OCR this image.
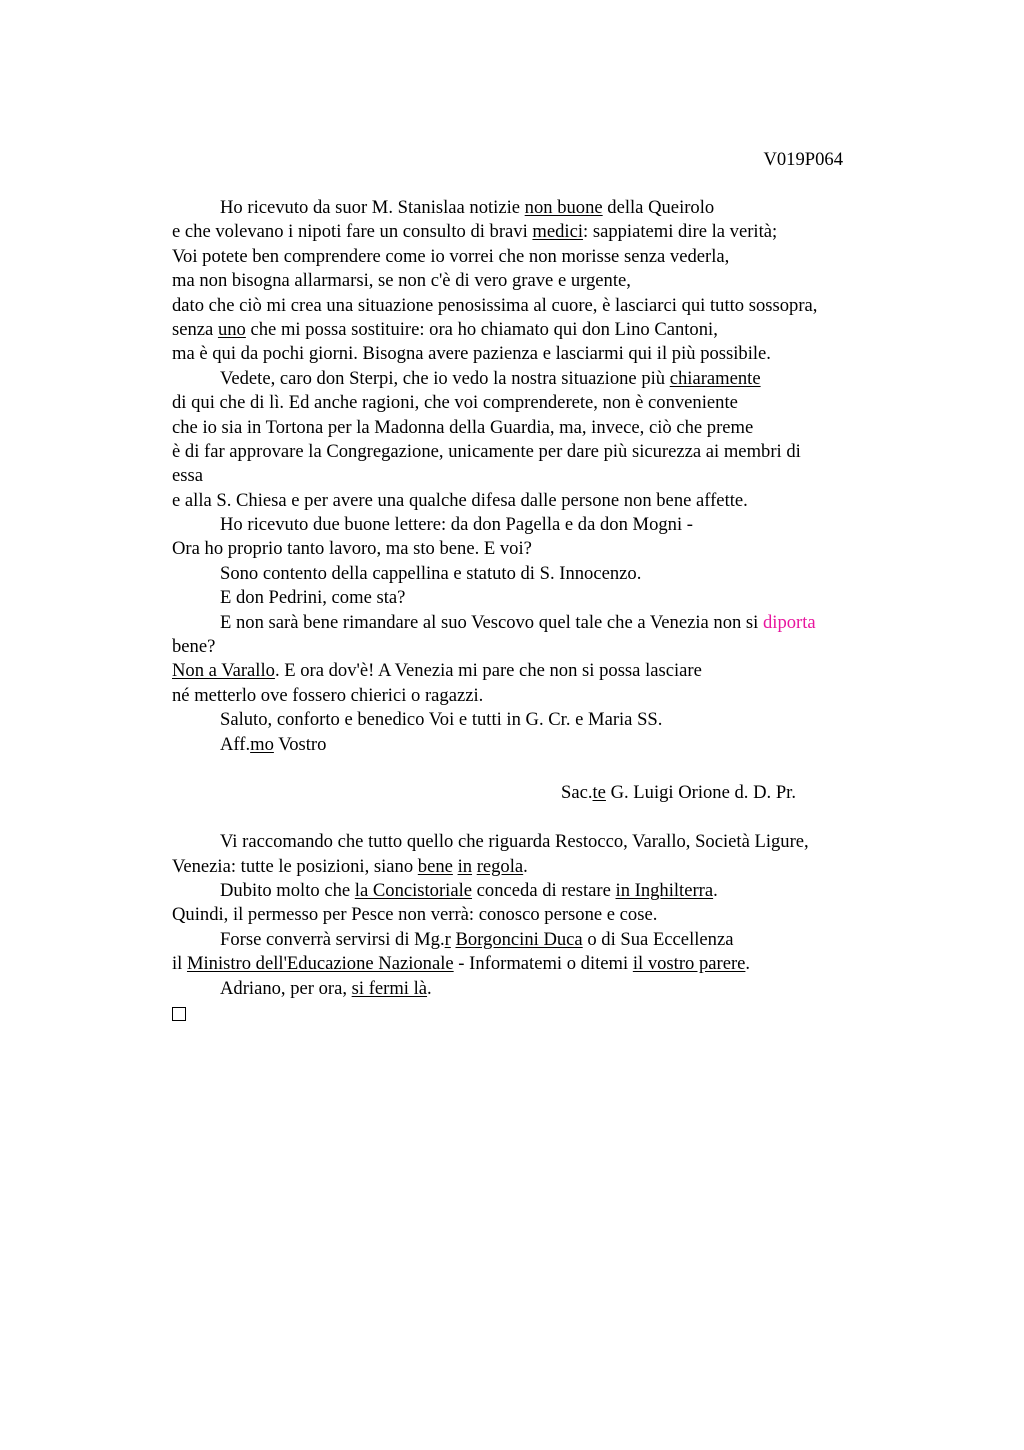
V019P064
Ho ricevuto da suor M. Stanislaa notizie non buone della Queirolo
e che volevano i nipoti fare un consulto di bravi medici: sappiatemi dire la verità;
Voi potete ben comprendere come io vorrei che non morisse senza vederla,
ma non bisogna allarmarsi, se non c'è di vero grave e urgente,
dato che ciò mi crea una situazione penosissima al cuore, è lasciarci qui tutto sossopra,
senza uno che mi possa sostituire: ora ho chiamato qui don Lino Cantoni,
ma è qui da pochi giorni. Bisogna avere pazienza e lasciarmi qui il più possibile.
Vedete, caro don Sterpi, che io vedo la nostra situazione più chiaramente
di qui che di lì. Ed anche ragioni, che voi comprenderete, non è conveniente
che io sia in Tortona per la Madonna della Guardia, ma, invece, ciò che preme
è di far approvare la Congregazione, unicamente per dare più sicurezza ai membri di
essa
e alla S. Chiesa e per avere una qualche difesa dalle persone non bene affette.
Ho ricevuto due buone lettere: da don Pagella e da don Mogni -
Ora ho proprio tanto lavoro, ma sto bene. E voi?
Sono contento della cappellina e statuto di S. Innocenzo.
E don Pedrini, come sta?
E non sarà bene rimandare al suo Vescovo quel tale che a Venezia non si diporta
bene?
Non a Varallo. E ora dov'è! A Venezia mi pare che non si possa lasciare
né metterlo ove fossero chierici o ragazzi.
Saluto, conforto e benedico Voi e tutti in G. Cr. e Maria SS.
Aff.mo Vostro
Sac.te G. Luigi Orione d. D. Pr.
Vi raccomando che tutto quello che riguarda Restocco, Varallo, Società Ligure,
Venezia: tutte le posizioni, siano bene in regola.
Dubito molto che la Concistoriale conceda di restare in Inghilterra.
Quindi, il permesso per Pesce non verrà: conosco persone e cose.
Forse converrà servirsi di Mg.r Borgoncini Duca o di Sua Eccellenza
il Ministro dell'Educazione Nazionale - Informatemi o ditemi il vostro parere.
Adriano, per ora, si fermi là.
